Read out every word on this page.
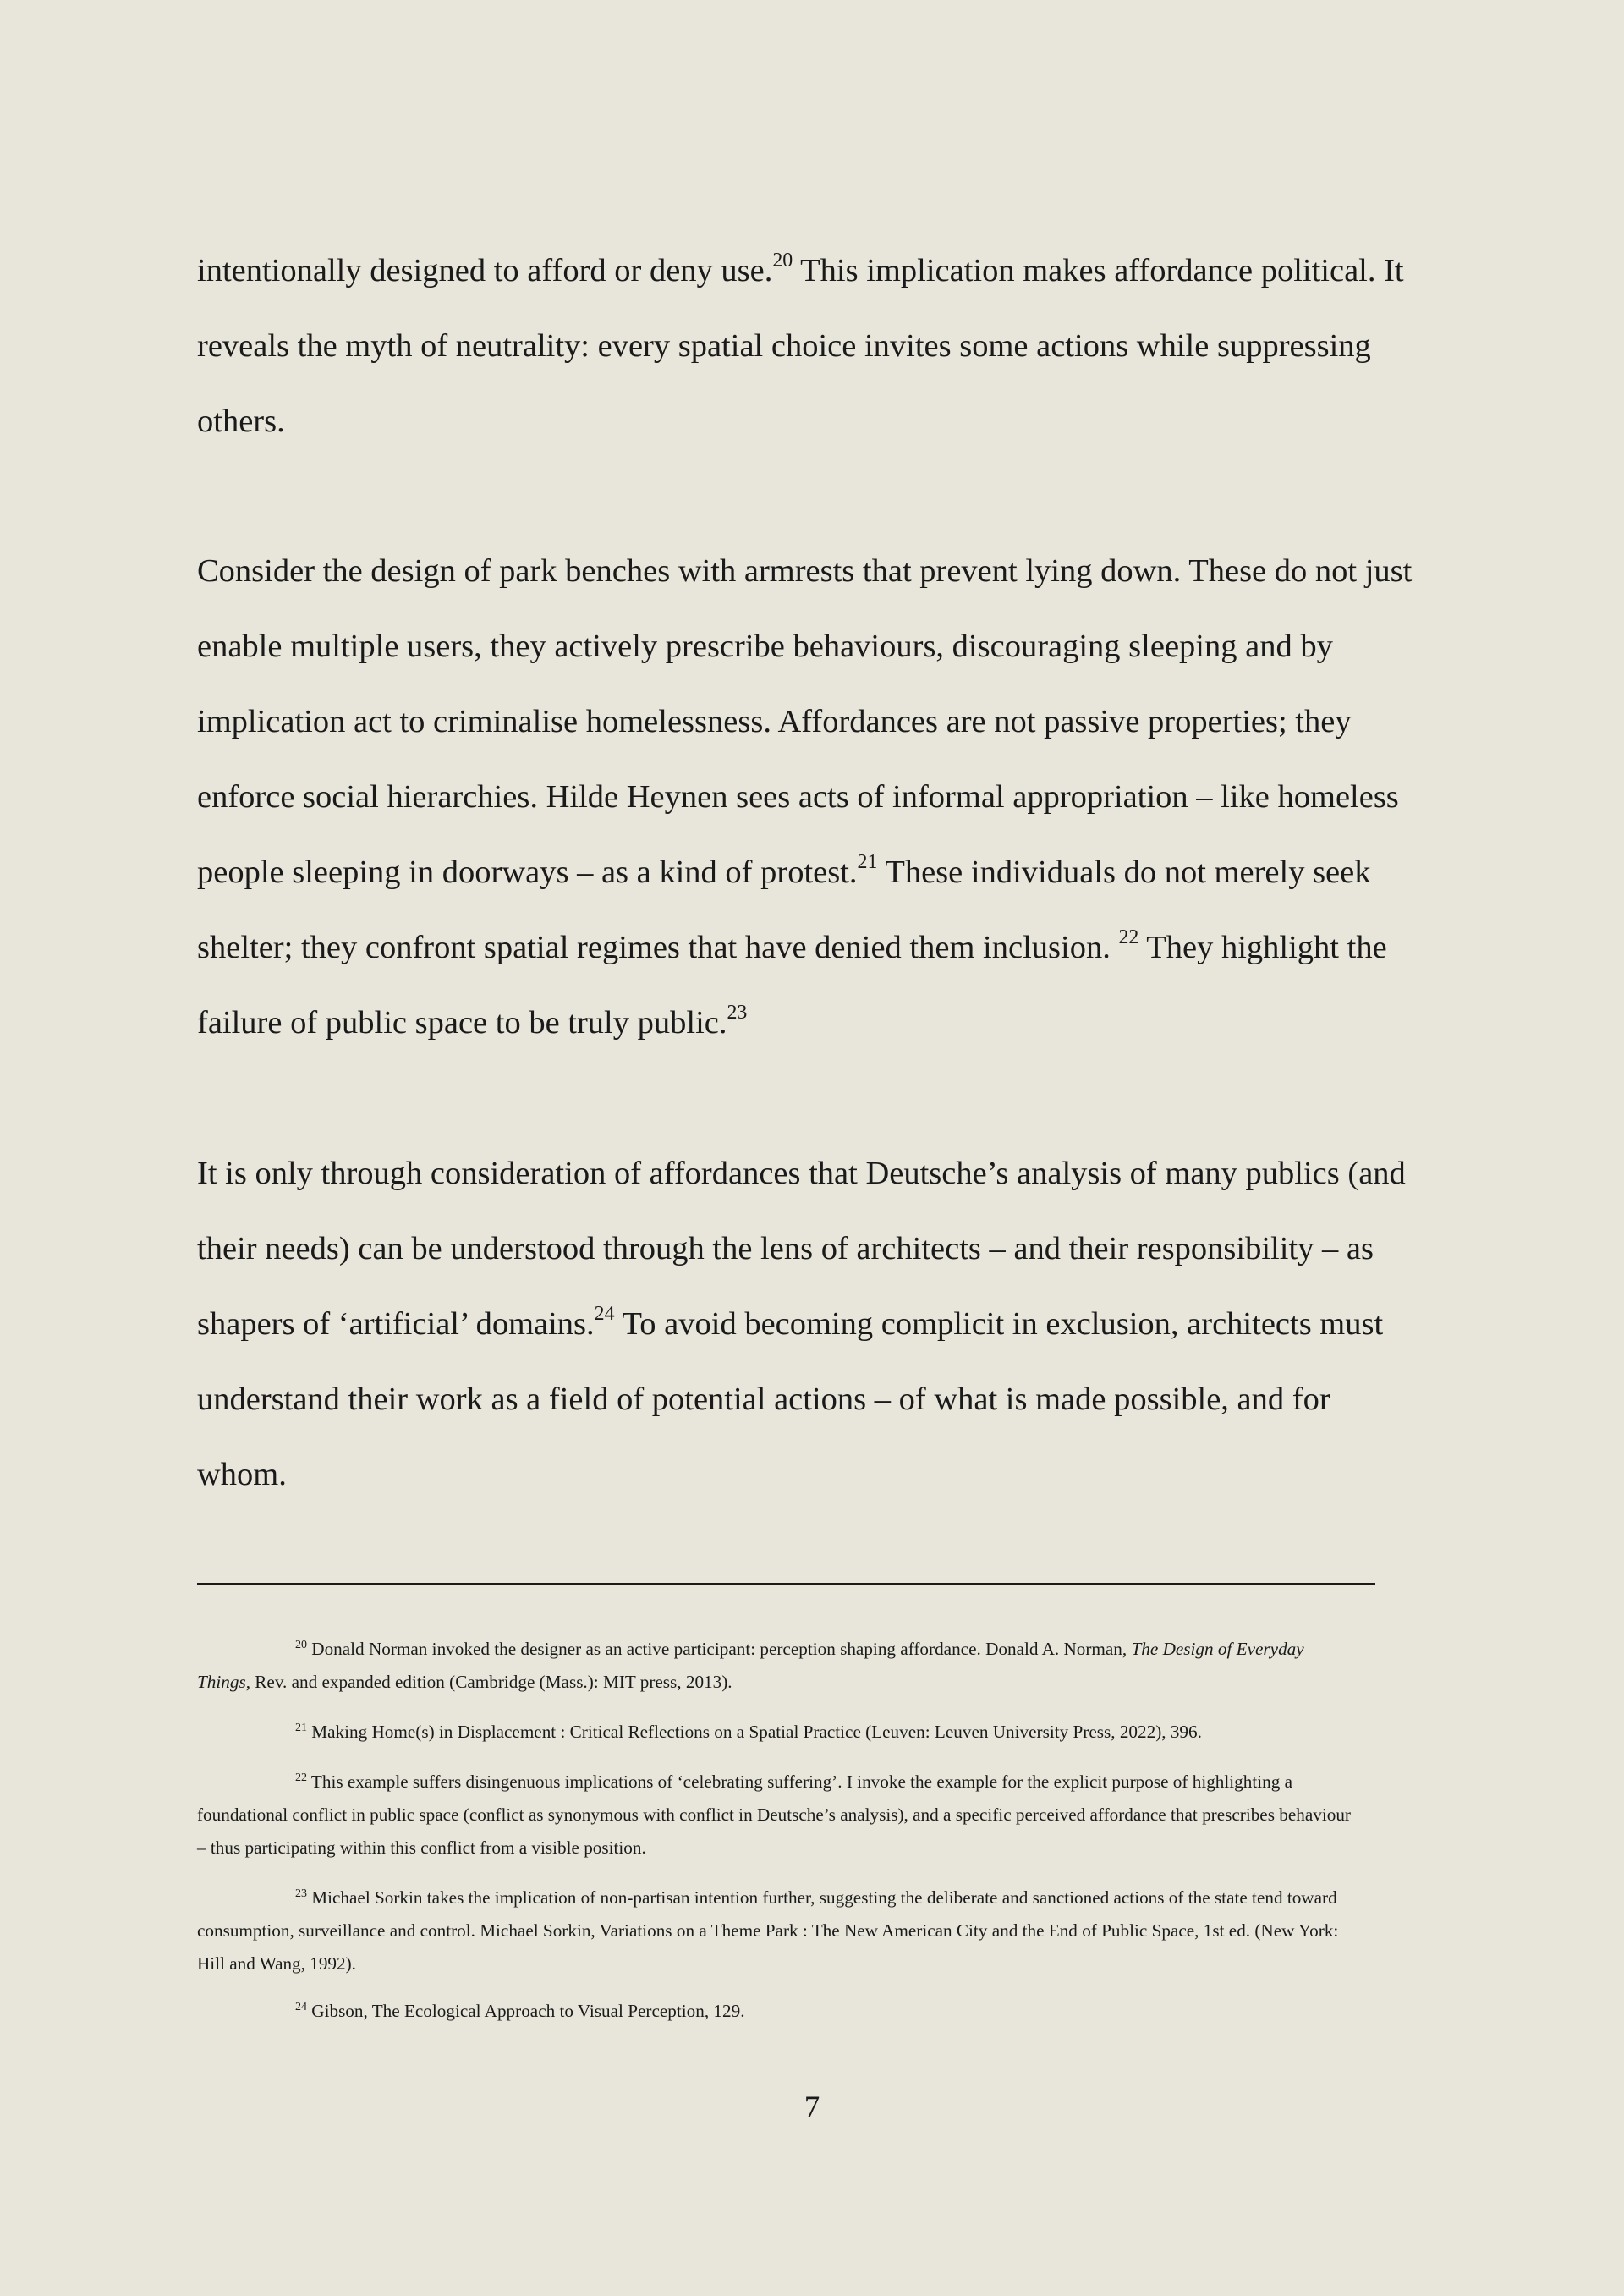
intentionally designed to afford or deny use.$^{20}$ This implication makes affordance political. It
reveals the myth of neutrality: every spatial choice invites some actions while suppressing
others.
Consider the design of park benches with armrests that prevent lying down. These do not just
enable multiple users, they actively prescribe behaviours, discouraging sleeping and by
implication act to criminalise homelessness. Affordances are not passive properties; they
enforce social hierarchies. Hilde Heynen sees acts of informal appropriation – like homeless
people sleeping in doorways – as a kind of protest.$^{21}$ These individuals do not merely seek
shelter; they confront spatial regimes that have denied them inclusion. $^{22}$ They highlight the
failure of public space to be truly public.$^{23}$
It is only through consideration of affordances that Deutsche’s analysis of many publics (and
their needs) can be understood through the lens of architects – and their responsibility – as
shapers of ‘artificial’ domains.$^{24}$ To avoid becoming complicit in exclusion, architects must
understand their work as a field of potential actions – of what is made possible, and for
whom.
$^{20}$ Donald Norman invoked the designer as an active participant: perception shaping affordance. Donald A. Norman, The Design of Everyday
Things, Rev. and expanded edition (Cambridge (Mass.): MIT press, 2013).
$^{21}$ Making Home(s) in Displacement : Critical Reflections on a Spatial Practice (Leuven: Leuven University Press, 2022), 396.
$^{22}$ This example suffers disingenuous implications of ‘celebrating suffering’. I invoke the example for the explicit purpose of highlighting a
foundational conflict in public space (conflict as synonymous with conflict in Deutsche’s analysis), and a specific perceived affordance that prescribes behaviour
– thus participating within this conflict from a visible position.
$^{23}$ Michael Sorkin takes the implication of non-partisan intention further, suggesting the deliberate and sanctioned actions of the state tend toward
consumption, surveillance and control. Michael Sorkin, Variations on a Theme Park : The New American City and the End of Public Space, 1st ed. (New York:
Hill and Wang, 1992).
$^{24}$ Gibson, The Ecological Approach to Visual Perception, 129.
7
